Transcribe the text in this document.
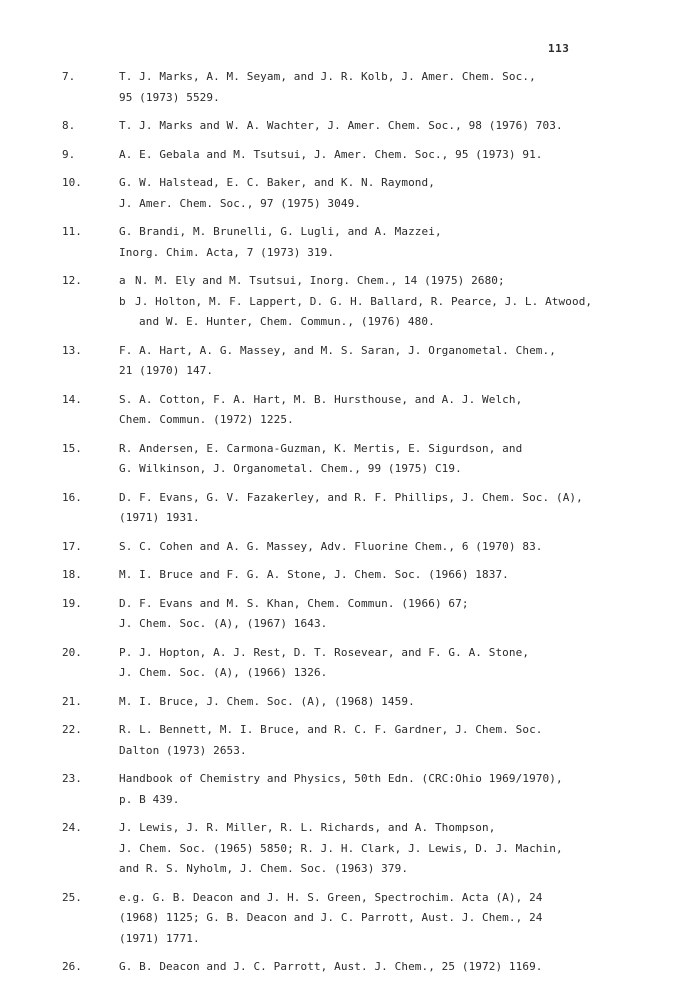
113
7.	T. J. Marks, A. M. Seyam, and J. R. Kolb, J. Amer. Chem. Soc.,
95 (1973) 5529.
8.	T. J. Marks and W. A. Wachter, J. Amer. Chem. Soc., 98 (1976) 703.
9.	A. E. Gebala and M. Tsutsui, J. Amer. Chem. Soc., 95 (1973) 91.
10.	G. W. Halstead, E. C. Baker, and K. N. Raymond,
J. Amer. Chem. Soc., 97 (1975) 3049.
11.	G. Brandi, M. Brunelli, G. Lugli, and A. Mazzei,
Inorg. Chim. Acta, 7 (1973) 319.
12.	a N. M. Ely and M. Tsutsui, Inorg. Chem., 14 (1975) 2680;
b J. Holton, M. F. Lappert, D. G. H. Ballard, R. Pearce, J. L. Atwood,
and W. E. Hunter, Chem. Commun., (1976) 480.
13.	F. A. Hart, A. G. Massey, and M. S. Saran, J. Organometal. Chem.,
21 (1970) 147.
14.	S. A. Cotton, F. A. Hart, M. B. Hursthouse, and A. J. Welch,
Chem. Commun. (1972) 1225.
15.	R. Andersen, E. Carmona-Guzman, K. Mertis, E. Sigurdson, and
G. Wilkinson, J. Organometal. Chem., 99 (1975) C19.
16.	D. F. Evans, G. V. Fazakerley, and R. F. Phillips, J. Chem. Soc. (A),
(1971) 1931.
17.	S. C. Cohen and A. G. Massey, Adv. Fluorine Chem., 6 (1970) 83.
18.	M. I. Bruce and F. G. A. Stone, J. Chem. Soc. (1966) 1837.
19.	D. F. Evans and M. S. Khan, Chem. Commun. (1966) 67;
J. Chem. Soc. (A), (1967) 1643.
20.	P. J. Hopton, A. J. Rest, D. T. Rosevear, and F. G. A. Stone,
J. Chem. Soc. (A), (1966) 1326.
21.	M. I. Bruce, J. Chem. Soc. (A), (1968) 1459.
22.	R. L. Bennett, M. I. Bruce, and R. C. F. Gardner, J. Chem. Soc.
Dalton (1973) 2653.
23.	Handbook of Chemistry and Physics, 50th Edn. (CRC:Ohio 1969/1970),
p. B 439.
24.	J. Lewis, J. R. Miller, R. L. Richards, and A. Thompson,
J. Chem. Soc. (1965) 5850; R. J. H. Clark, J. Lewis, D. J. Machin,
and R. S. Nyholm, J. Chem. Soc. (1963) 379.
25.	e.g. G. B. Deacon and J. H. S. Green, Spectrochim. Acta (A), 24
(1968) 1125; G. B. Deacon and J. C. Parrott, Aust. J. Chem., 24
(1971) 1771.
26.	G. B. Deacon and J. C. Parrott, Aust. J. Chem., 25 (1972) 1169.
